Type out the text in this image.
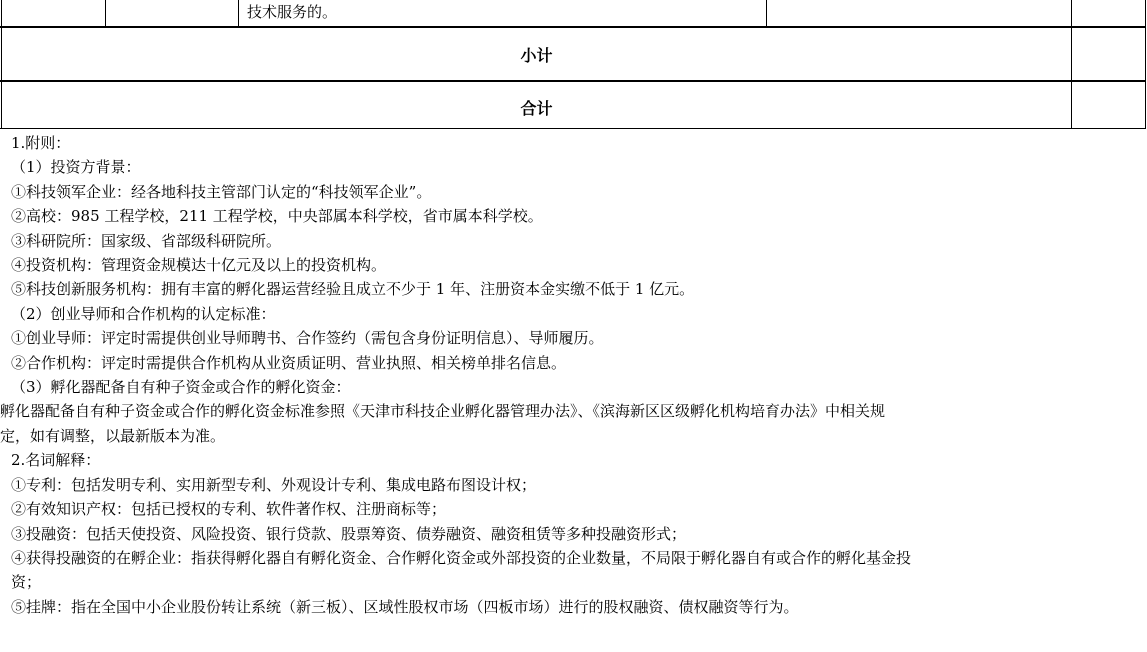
技术服务的。
小计
合计
1.附则：
（1）投资方背景：
①科技领军企业：经各地科技主管部门认定的“科技领军企业”。
②高校：985 工程学校，211 工程学校，中央部属本科学校，省市属本科学校。
③科研院所：国家级、省部级科研院所。
④投资机构：管理资金规模达十亿元及以上的投资机构。
⑤科技创新服务机构：拥有丰富的孵化器运营经验且成立不少于 1 年、注册资本金实缴不低于 1 亿元。
（2）创业导师和合作机构的认定标准：
①创业导师：评定时需提供创业导师聘书、合作签约（需包含身份证明信息）、导师履历。
②合作机构：评定时需提供合作机构从业资质证明、营业执照、相关榜单排名信息。
（3）孵化器配备自有种子资金或合作的孵化资金：
孵化器配备自有种子资金或合作的孵化资金标准参照《天津市科技企业孵化器管理办法》、《滨海新区区级孵化机构培育办法》中相关规
定，如有调整，以最新版本为准。
2.名词解释：
①专利：包括发明专利、实用新型专利、外观设计专利、集成电路布图设计权；
②有效知识产权：包括已授权的专利、软件著作权、注册商标等；
③投融资：包括天使投资、风险投资、银行贷款、股票筹资、债券融资、融资租赁等多种投融资形式；
④获得投融资的在孵企业：指获得孵化器自有孵化资金、合作孵化资金或外部投资的企业数量，不局限于孵化器自有或合作的孵化基金投
资；
⑤挂牌：指在全国中小企业股份转让系统（新三板）、区域性股权市场（四板市场）进行的股权融资、债权融资等行为。
